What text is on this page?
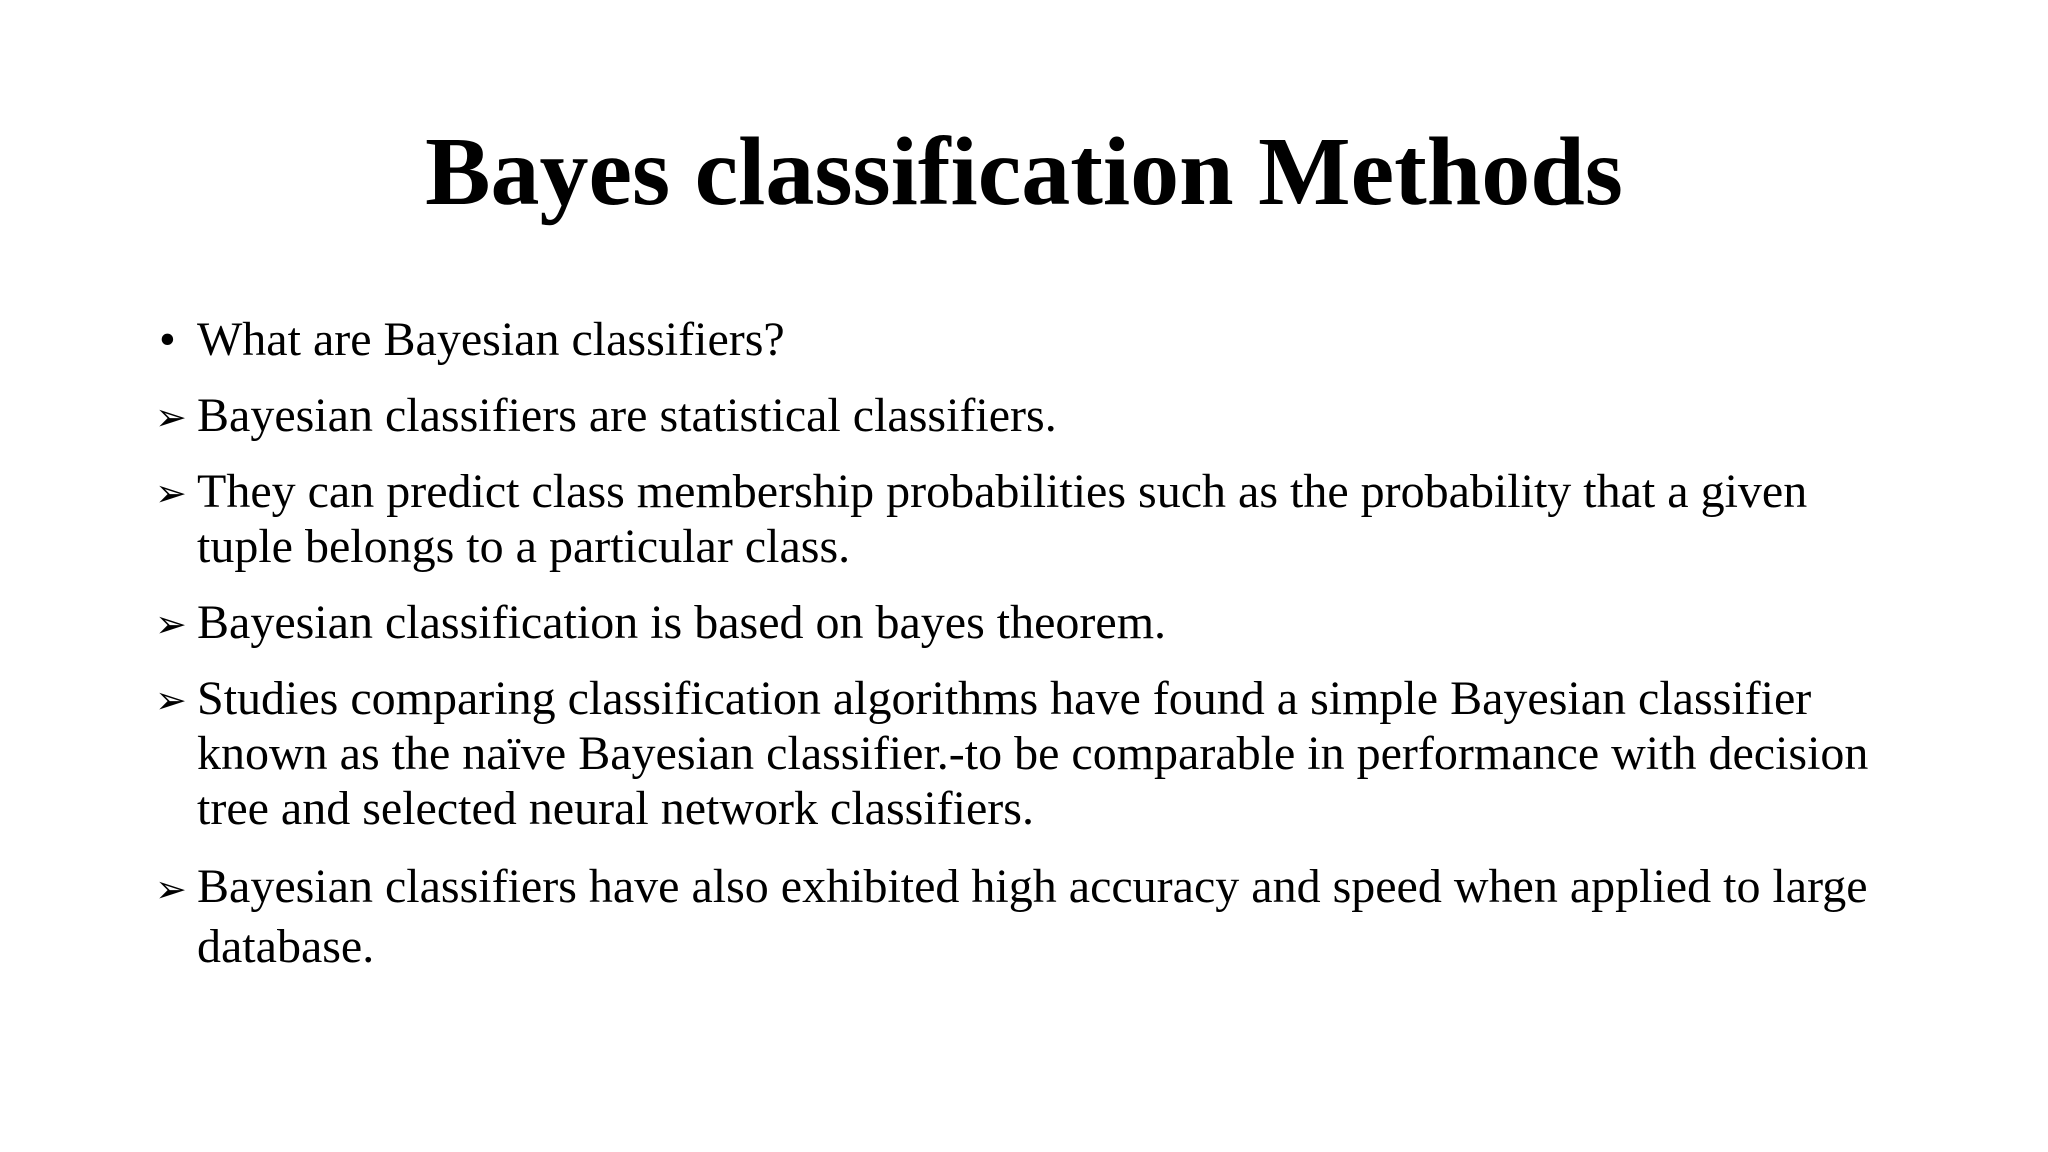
Bayes classification Methods
• What are Bayesian classifiers?
➢ Bayesian classifiers are statistical classifiers.
➢ They can predict class membership probabilities such as the probability that a given tuple belongs to a particular class.
➢ Bayesian classification is based on bayes theorem.
➢ Studies comparing classification algorithms have found a simple Bayesian classifier known as the naïve Bayesian classifier.-to be comparable in performance with decision tree and selected neural network classifiers.
➢ Bayesian classifiers have also exhibited high accuracy and speed when applied to large database.
